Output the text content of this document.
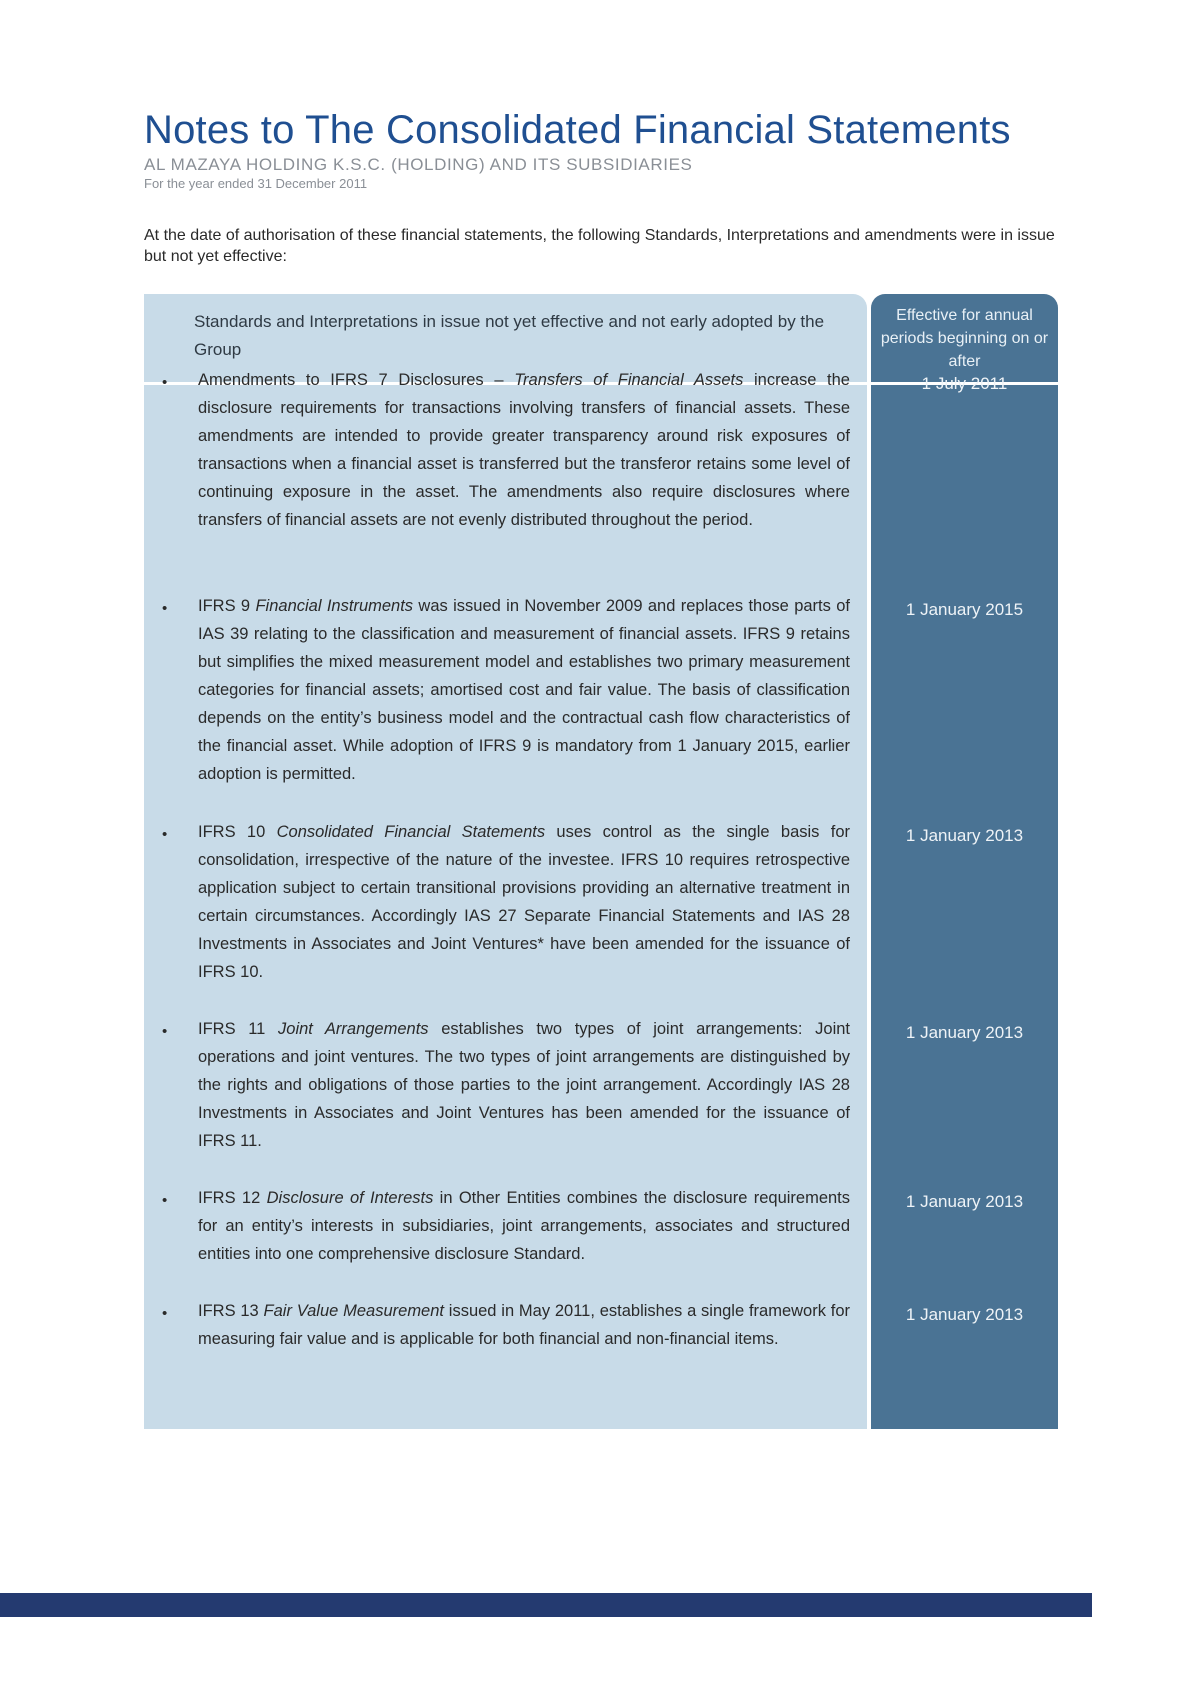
Notes to The Consolidated Financial Statements
AL MAZAYA HOLDING K.S.C. (HOLDING) AND ITS SUBSIDIARIES
For the year ended 31 December 2011

At the date of authorisation of these financial statements, the following Standards, Interpretations and amendments were in issue but not yet effective:

Standards and Interpretations in issue not yet effective and not early adopted by the Group
Effective for annual periods beginning on or after
• Amendments to IFRS 7 Disclosures – Transfers of Financial Assets increase the disclosure requirements for transactions involving transfers of financial assets. These amendments are intended to provide greater transparency around risk exposures of transactions when a financial asset is transferred but the transferor retains some level of continuing exposure in the asset. The amendments also require disclosures where transfers of financial assets are not evenly distributed throughout the period.
1 July 2011
• IFRS 9 Financial Instruments was issued in November 2009 and replaces those parts of IAS 39 relating to the classification and measurement of financial assets. IFRS 9 retains but simplifies the mixed measurement model and establishes two primary measurement categories for financial assets; amortised cost and fair value. The basis of classification depends on the entity’s business model and the contractual cash flow characteristics of the financial asset. While adoption of IFRS 9 is mandatory from 1 January 2015, earlier adoption is permitted.
1 January 2015
• IFRS 10 Consolidated Financial Statements uses control as the single basis for consolidation, irrespective of the nature of the investee. IFRS 10 requires retrospective application subject to certain transitional provisions providing an alternative treatment in certain circumstances. Accordingly IAS 27 Separate Financial Statements and IAS 28 Investments in Associates and Joint Ventures* have been amended for the issuance of IFRS 10.
1 January 2013
• IFRS 11 Joint Arrangements establishes two types of joint arrangements: Joint operations and joint ventures. The two types of joint arrangements are distinguished by the rights and obligations of those parties to the joint arrangement. Accordingly IAS 28 Investments in Associates and Joint Ventures has been amended for the issuance of IFRS 11.
1 January 2013
• IFRS 12 Disclosure of Interests in Other Entities combines the disclosure requirements for an entity’s interests in subsidiaries, joint arrangements, associates and structured entities into one comprehensive disclosure Standard.
1 January 2013
• IFRS 13 Fair Value Measurement issued in May 2011, establishes a single framework for measuring fair value and is applicable for both financial and non-financial items.
1 January 2013
